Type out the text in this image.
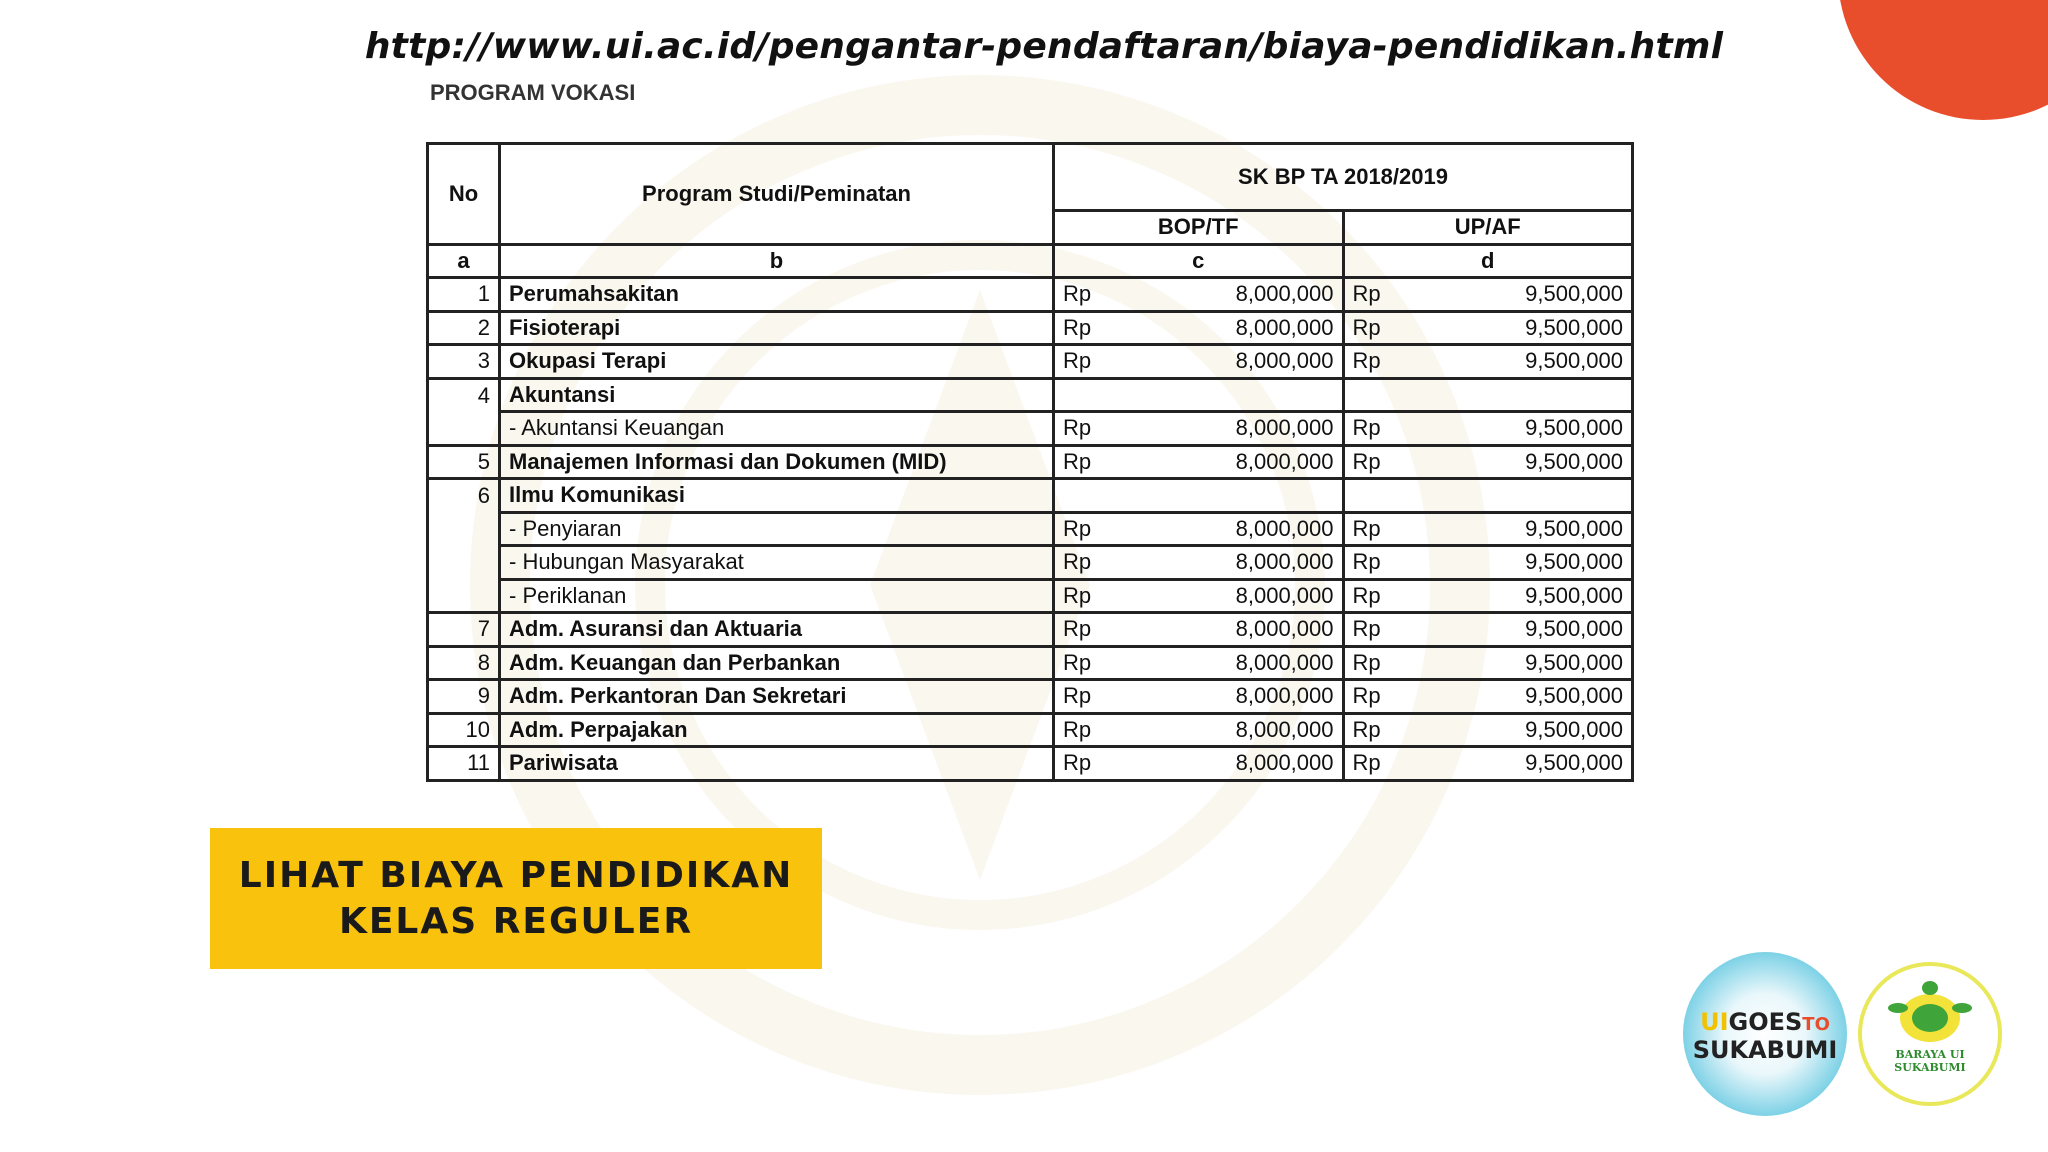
http://www.ui.ac.id/pengantar-pendaftaran/biaya-pendidikan.html
PROGRAM VOKASI
No	Program Studi/Peminatan	SK BP TA 2018/2019			
		BOP/TF		UP/AF	
a	b	c		d	
1	Perumahsakitan	Rp	8,000,000	Rp	9,500,000
2	Fisioterapi	Rp	8,000,000	Rp	9,500,000
3	Okupasi Terapi	Rp	8,000,000	Rp	9,500,000
4	Akuntansi				
	- Akuntansi Keuangan	Rp	8,000,000	Rp	9,500,000
5	Manajemen Informasi dan Dokumen (MID)	Rp	8,000,000	Rp	9,500,000
6	Ilmu Komunikasi				
	- Penyiaran	Rp	8,000,000	Rp	9,500,000
	- Hubungan Masyarakat	Rp	8,000,000	Rp	9,500,000
	- Periklanan	Rp	8,000,000	Rp	9,500,000
7	Adm. Asuransi dan Aktuaria	Rp	8,000,000	Rp	9,500,000
8	Adm. Keuangan dan Perbankan	Rp	8,000,000	Rp	9,500,000
9	Adm. Perkantoran Dan Sekretari	Rp	8,000,000	Rp	9,500,000
10	Adm. Perpajakan	Rp	8,000,000	Rp	9,500,000
11	Pariwisata	Rp	8,000,000	Rp	9,500,000
LIHAT BIAYA PENDIDIKAN
KELAS REGULER
UIGOESTO
SUKABUMI	BARAYA UI
SUKABUMI
